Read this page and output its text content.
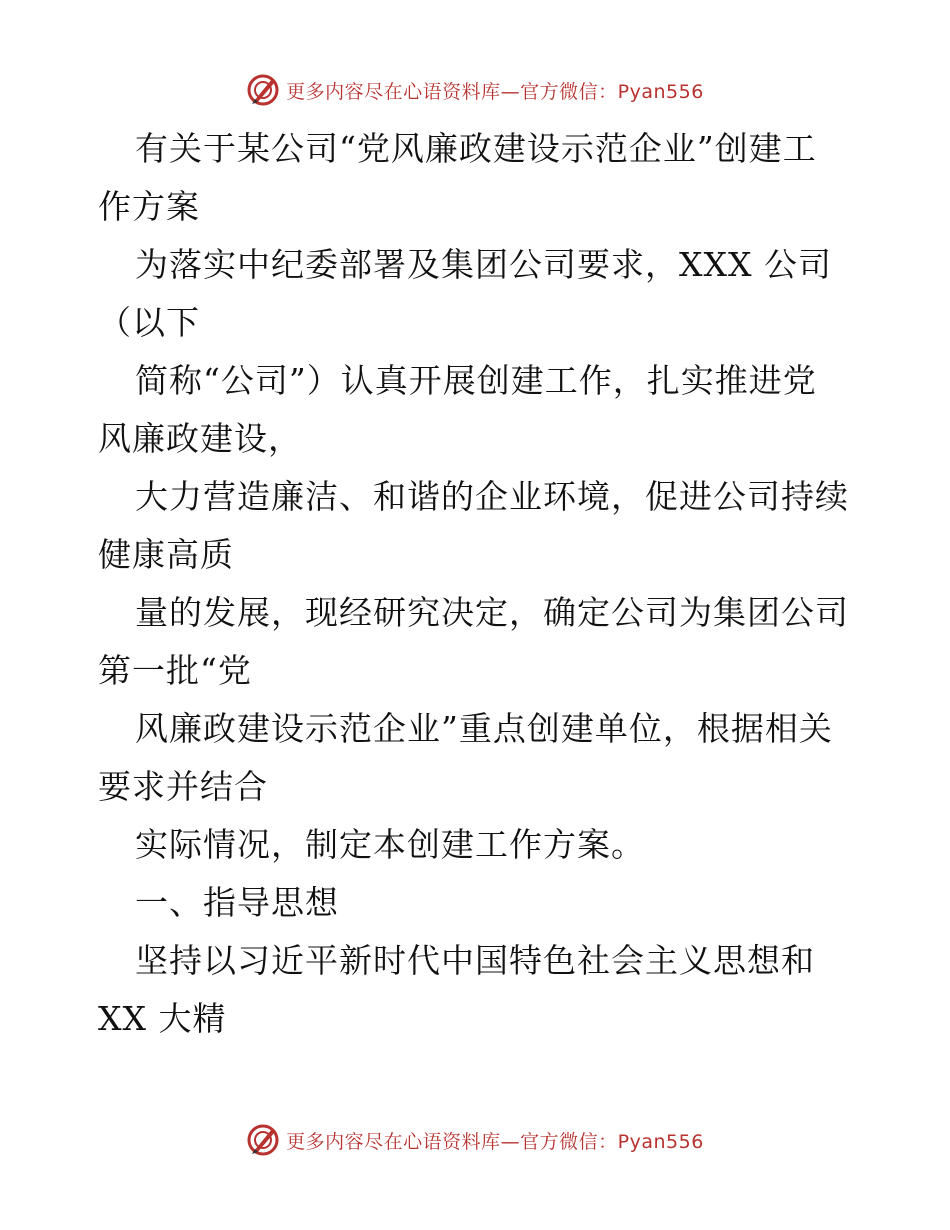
更多内容尽在心语资料库—官方微信：Pyan556
有关于某公司“党风廉政建设示范企业”创建工
作方案
为落实中纪委部署及集团公司要求，XXX 公司
（以下
简称“公司”）认真开展创建工作，扎实推进党
风廉政建设，
大力营造廉洁、和谐的企业环境，促进公司持续
健康高质
量的发展，现经研究决定，确定公司为集团公司
第一批“党
风廉政建设示范企业”重点创建单位，根据相关
要求并结合
实际情况，制定本创建工作方案。
一、指导思想
坚持以习近平新时代中国特色社会主义思想和
XX 大精
更多内容尽在心语资料库—官方微信：Pyan556
